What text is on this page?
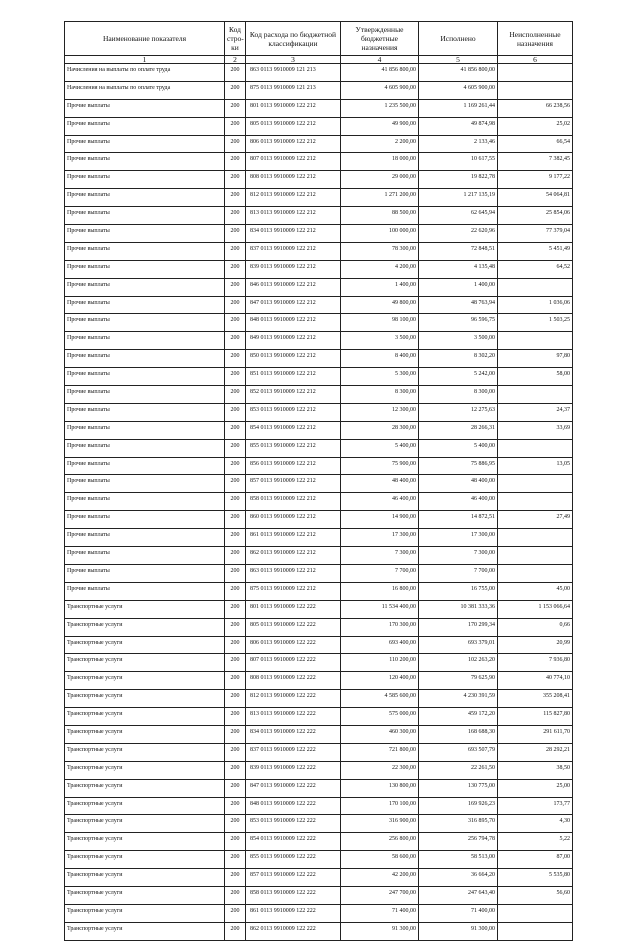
Наименование показателя	Код стро-ки	Код расхода по бюджетной классификации	Утвержденные бюджетные назначения	Исполнено	Неисполненные назначения
1	2	3	4	5	6
Начисления на выплаты по оплате труда	200	863 0113 9910009 121 213	41 856 800,00	41 856 800,00	
Начисления на выплаты по оплате труда	200	875 0113 9910009 121 213	4 605 900,00	4 605 900,00	
Прочие выплаты	200	801 0113 9910009 122 212	1 235 500,00	1 169 261,44	66 238,56
Прочие выплаты	200	805 0113 9910009 122 212	49 900,00	49 874,98	25,02
Прочие выплаты	200	806 0113 9910009 122 212	2 200,00	2 133,46	66,54
Прочие выплаты	200	807 0113 9910009 122 212	18 000,00	10 617,55	7 382,45
Прочие выплаты	200	808 0113 9910009 122 212	29 000,00	19 822,78	9 177,22
Прочие выплаты	200	812 0113 9910009 122 212	1 271 200,00	1 217 135,19	54 064,81
Прочие выплаты	200	813 0113 9910009 122 212	88 500,00	62 645,94	25 854,06
Прочие выплаты	200	834 0113 9910009 122 212	100 000,00	22 620,96	77 379,04
Прочие выплаты	200	837 0113 9910009 122 212	78 300,00	72 848,51	5 451,49
Прочие выплаты	200	839 0113 9910009 122 212	4 200,00	4 135,48	64,52
Прочие выплаты	200	846 0113 9910009 122 212	1 400,00	1 400,00	
Прочие выплаты	200	847 0113 9910009 122 212	49 800,00	48 763,94	1 036,06
Прочие выплаты	200	848 0113 9910009 122 212	98 100,00	96 596,75	1 503,25
Прочие выплаты	200	849 0113 9910009 122 212	3 500,00	3 500,00	
Прочие выплаты	200	850 0113 9910009 122 212	8 400,00	8 302,20	97,80
Прочие выплаты	200	851 0113 9910009 122 212	5 300,00	5 242,00	58,00
Прочие выплаты	200	852 0113 9910009 122 212	8 300,00	8 300,00	
Прочие выплаты	200	853 0113 9910009 122 212	12 300,00	12 275,63	24,37
Прочие выплаты	200	854 0113 9910009 122 212	28 300,00	28 266,31	33,69
Прочие выплаты	200	855 0113 9910009 122 212	5 400,00	5 400,00	
Прочие выплаты	200	856 0113 9910009 122 212	75 900,00	75 886,95	13,05
Прочие выплаты	200	857 0113 9910009 122 212	48 400,00	48 400,00	
Прочие выплаты	200	858 0113 9910009 122 212	46 400,00	46 400,00	
Прочие выплаты	200	860 0113 9910009 122 212	14 900,00	14 872,51	27,49
Прочие выплаты	200	861 0113 9910009 122 212	17 300,00	17 300,00	
Прочие выплаты	200	862 0113 9910009 122 212	7 300,00	7 300,00	
Прочие выплаты	200	863 0113 9910009 122 212	7 700,00	7 700,00	
Прочие выплаты	200	875 0113 9910009 122 212	16 800,00	16 755,00	45,00
Транспортные услуги	200	801 0113 9910009 122 222	11 534 400,00	10 381 333,36	1 153 066,64
Транспортные услуги	200	805 0113 9910009 122 222	170 300,00	170 299,34	0,66
Транспортные услуги	200	806 0113 9910009 122 222	693 400,00	693 379,01	20,99
Транспортные услуги	200	807 0113 9910009 122 222	110 200,00	102 263,20	7 936,80
Транспортные услуги	200	808 0113 9910009 122 222	120 400,00	79 625,90	40 774,10
Транспортные услуги	200	812 0113 9910009 122 222	4 585 600,00	4 230 391,59	355 208,41
Транспортные услуги	200	813 0113 9910009 122 222	575 000,00	459 172,20	115 827,80
Транспортные услуги	200	834 0113 9910009 122 222	460 300,00	168 688,30	291 611,70
Транспортные услуги	200	837 0113 9910009 122 222	721 800,00	693 507,79	28 292,21
Транспортные услуги	200	839 0113 9910009 122 222	22 300,00	22 261,50	38,50
Транспортные услуги	200	847 0113 9910009 122 222	130 800,00	130 775,00	25,00
Транспортные услуги	200	848 0113 9910009 122 222	170 100,00	169 926,23	173,77
Транспортные услуги	200	853 0113 9910009 122 222	316 900,00	316 895,70	4,30
Транспортные услуги	200	854 0113 9910009 122 222	256 800,00	256 794,78	5,22
Транспортные услуги	200	855 0113 9910009 122 222	58 600,00	58 513,00	87,00
Транспортные услуги	200	857 0113 9910009 122 222	42 200,00	36 664,20	5 535,80
Транспортные услуги	200	858 0113 9910009 122 222	247 700,00	247 643,40	56,60
Транспортные услуги	200	861 0113 9910009 122 222	71 400,00	71 400,00	
Транспортные услуги	200	862 0113 9910009 122 222	91 300,00	91 300,00	
